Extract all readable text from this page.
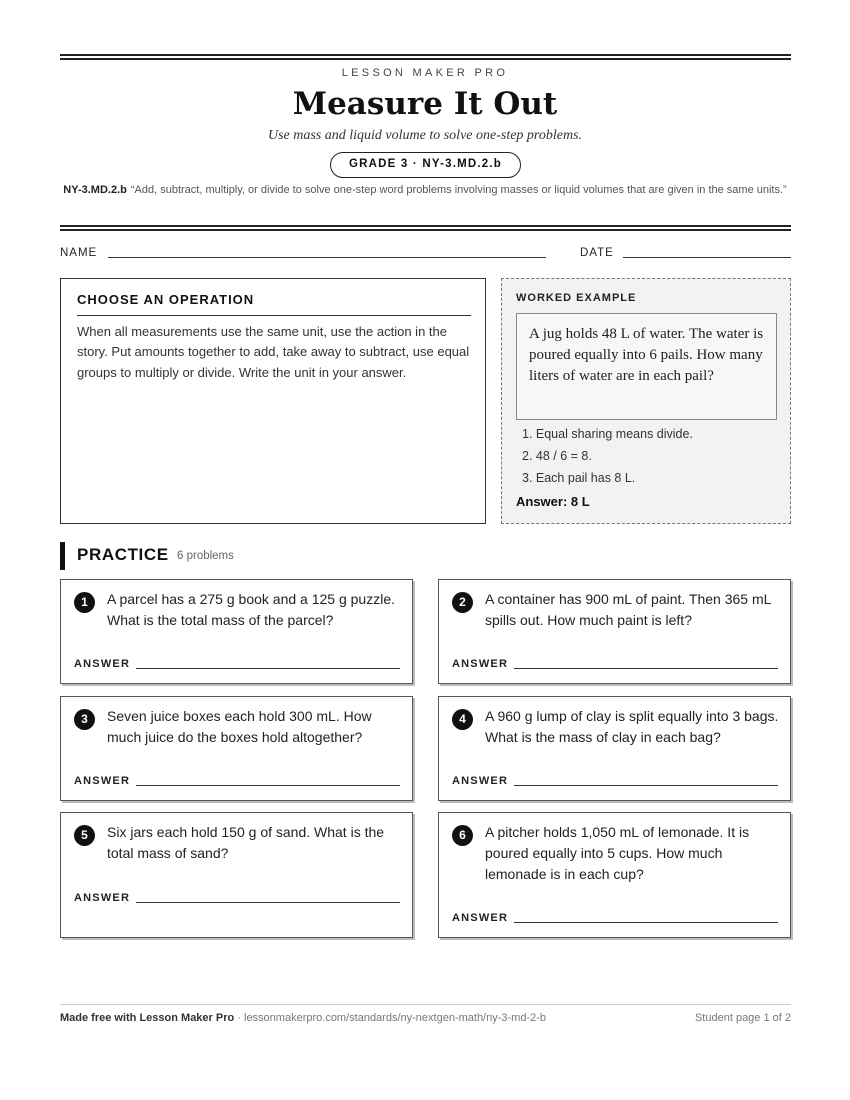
LESSON MAKER PRO
Measure It Out
Use mass and liquid volume to solve one-step problems.
GRADE 3 · NY-3.MD.2.b
NY-3.MD.2.b “Add, subtract, multiply, or divide to solve one-step word problems involving masses or liquid volumes that are given in the same units.”
NAME	DATE
CHOOSE AN OPERATION
When all measurements use the same unit, use the action in the story. Put amounts together to add, take away to subtract, use equal groups to multiply or divide. Write the unit in your answer.
WORKED EXAMPLE
A jug holds 48 L of water. The water is poured equally into 6 pails. How many liters of water are in each pail?
1. Equal sharing means divide.
2. 48 / 6 = 8.
3. Each pail has 8 L.
Answer: 8 L
PRACTICE 6 problems
1	A parcel has a 275 g book and a 125 g puzzle. What is the total mass of the parcel?
ANSWER
2	A container has 900 mL of paint. Then 365 mL spills out. How much paint is left?
ANSWER
3	Seven juice boxes each hold 300 mL. How much juice do the boxes hold altogether?
ANSWER
4	A 960 g lump of clay is split equally into 3 bags. What is the mass of clay in each bag?
ANSWER
5	Six jars each hold 150 g of sand. What is the total mass of sand?
ANSWER
6	A pitcher holds 1,050 mL of lemonade. It is poured equally into 5 cups. How much lemonade is in each cup?
ANSWER
Made free with Lesson Maker Pro · lessonmakerpro.com/standards/ny-nextgen-math/ny-3-md-2-b	Student page 1 of 2
